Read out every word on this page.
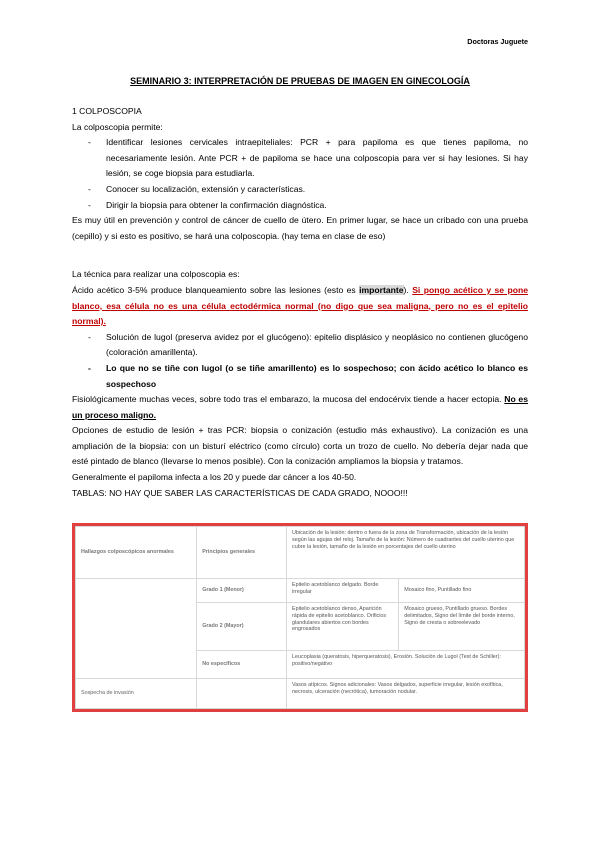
Doctoras Juguete
SEMINARIO 3: INTERPRETACIÓN DE PRUEBAS DE IMAGEN EN GINECOLOGÍA

1 COLPOSCOPIA

La colposcopia permite:

- Identificar lesiones cervicales intraepiteliales: PCR + para papiloma es que tienes papiloma, no necesariamente lesión. Ante PCR + de papiloma se hace una colposcopia para ver si hay lesiones. Si hay lesión, se coge biopsia para estudiarla.
- Conocer su localización, extensión y características.
- Dirigir la biopsia para obtener la confirmación diagnóstica.

Es muy útil en prevención y control de cáncer de cuello de útero. En primer lugar, se hace un cribado con una prueba (cepillo) y si esto es positivo, se hará una colposcopia. (hay tema en clase de eso)

La técnica para realizar una colposcopia es:

Ácido acético 3-5% produce blanqueamiento sobre las lesiones (esto es importante). Si pongo acético y se pone blanco, esa célula no es una célula ectodérmica normal (no digo que sea maligna, pero no es el epitelio normal).

- Solución de lugol (preserva avidez por el glucógeno): epitelio displásico y neoplásico no contienen glucógeno (coloración amarillenta).
- Lo que no se tiñe con lugol (o se tiñe amarillento) es lo sospechoso; con ácido acético lo blanco es sospechoso

Fisiológicamente muchas veces, sobre todo tras el embarazo, la mucosa del endocérvix tiende a hacer ectopia. No es un proceso maligno.

Opciones de estudio de lesión + tras PCR: biopsia o conización (estudio más exhaustivo). La conización es una ampliación de la biopsia: con un bisturí eléctrico (como círculo) corta un trozo de cuello. No debería dejar nada que esté pintado de blanco (llevarse lo menos posible). Con la conización ampliamos la biopsia y tratamos.

Generalmente el papiloma infecta a los 20 y puede dar cáncer a los 40-50.

TABLAS: NO HAY QUE SABER LAS CARACTERÍSTICAS DE CADA GRADO, NOOO!!!

Hallazgos colposcópicos anormales	Principios generales	Ubicación de la lesión: dentro o fuera de la zona de Transformación, ubicación de la lesión según las agujas del reloj. Tamaño de la lesión: Número de cuadrantes del cuello uterino que cubre la lesión, tamaño de la lesión en porcentajes del cuello uterino	
	Grado 1 (Menor)	Epitelio acetoblanco delgado. Borde irregular	Mosaico fino, Puntillado fino
	Grado 2 (Mayor)	Epitelio acetoblanco denso, Aparición rápida de epitelio acetoblanco. Orificios glandulares abiertos con bordes engrosados	Mosaico grueso, Puntillado grueso. Bordes delimitados, Signo del límite del borde interno, Signo de cresta o sobreelevado
	No específicos	Leucoplasia (queratosis, hiperqueratosis), Erosión. Solución de Lugol (Test de Schiller): positivo/negativo	
Sospecha de invasión		Vasos atípicos. Signos adicionales: Vasos delgados, superficie irregular, lesión exofítica, necrosis, ulceración (necrótica), tumoración nodular.	
